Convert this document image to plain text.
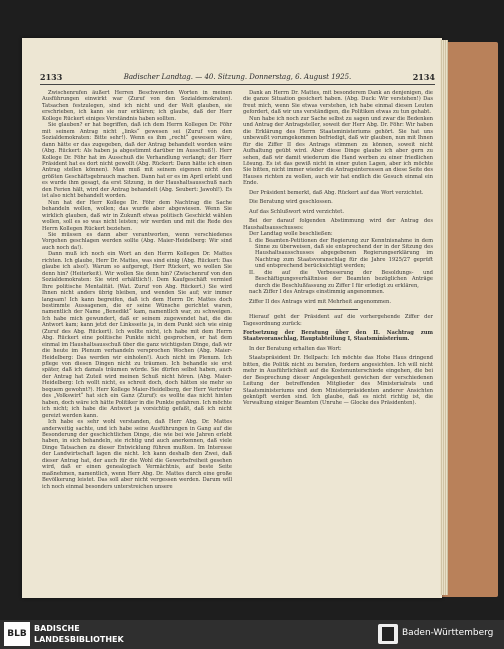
2133	Badischer Landtag. — 40. Sitzung. Donnerstag, 6. August 1925.	2134

Zwischenrufen äußert Herren Beschwerden Worten in meinen Ausführungen einwirkt war (Zuruf von den Sozialdemokraten). Tatsachen festzulegen, sind ich nicht und der Welt glauben, sie erschrieben, ich kann sie nur erklären; ich glaube, daß der Herr Kollege Rückert einiges Verständnis haben sollten.

Sie glauben? er hat begriffen, daß ich dem Herrn Kollegen Dr. Föhr mit seinem Antrag nicht „links“ gewesen sei (Zuruf von den Sozialdemokraten: Bitte sehr!). Wenn es ihm „recht“ gewesen wäre, dann hätte er das zugegeben, daß der Antrag behandelt worden wäre (Abg. Rückert: Als haben ja abgestimmt darüber im Ausschuß!). Herr Kollege Dr. Föhr hat im Ausschuß die Verhandlung verlangt; der Herr Präsident hat es dort nicht gewollt (Abg. Rückert: Dann hätte ich einen Antrag stellen können). Man muß mit seinem eigenen nicht den größten Geschäftsgebrauch machen. Dann hat er es im April erlebt und es wurde ihm gesagt, da erst Sitzung, in der Haushaltsausschuß nach den Ferien hält, wird der Antrag behandelt (Abg. Seubert: Jawohl!). Es ist also nicht behandelt worden.

Nun hat der Herr Kollege Dr. Föhr dem Nachtrag die Sache behandeln wollen, wollen; das wurde aber abgewiesen. Wenn Sie wirklich glauben, daß wir in Zukunft etwas politisch Geschickt wählen wollen, soll es so was nicht leisten; wir werden und mit die Rede des Herrn Kollegen Rückert beziehen.

Sie müssen es dann aber verantworten, wenn verschiedenes Vorgehen geschlagen werden sollte (Abg. Maier-Heidelberg: Wir sind auch noch da!).

Dann muß ich noch ein Wort an den Herrn Kollegen Dr. Mattes richten. Ich glaube, Herr Dr. Mattes, was sind einig (Abg. Rückert: Das glaube ich also!). Warum so aufgeregt, Herr Rückert, wo wollen Sie denn hin? (Heiterkeit). Wir wollen Sie denn hin? (Zwischenruf von den Sozialdemokraten: Sie wird erhältlich!). Dem Kaufgeschäft vermied Ihre politische Mentalität. (Wat. Zuruf von Abg. Rückert.) Sie wird Ihnen nicht anders übrig bleiben, und wenden Sie auf; wir immer langsam! Ich kann begreifen, daß ich dem Herrn Dr. Mattes doch bestimmte Aussagenen, die er seine Wünsche gerichtet waren, namentlich der Name „Benedikt“ kam, namentlich war, zu schweigen. Ich habe mich gewundert, daß er seinem zugewendet hat, die die Antwort kam; kann jetzt der Linksseite ja, in dem Punkt sich wie einig (Zuruf des Abg. Rückert). Ich wollte nicht, ich habe mit dem Herrn Abg. Rückert eine politische Punkte nicht gesprochen, er hat dem einmal im Haushaltsausschuß über die ganz wichtigsten Dinge, daß wir die heute im Plenum verhandeln versprochen Wochen (Abg. Maier-Heidelberg: Das werden wir einholen!). Auch nicht im Plenum. Ich pflege von diesen Dingen nicht zu träumen. Ich behandle sie erst später, daß ich damals träumen würde. Sie dürfen selbst haben, auch der Antrag hat Zuteil wird meinen Schuß nicht hören. (Abg. Maier-Heidelberg: Ich wollt nicht, es schreit doch, doch hätten sie mehr so bequem gewohnt?). Herr Kollege Maier-Heidelberg, der Herr Vertreter des „Volkswirt“ hat sich ein Ganz (Zuruf): es wollte das nicht hinten haben, doch wäre ich hätte Politiker in die Punkte gefahren. Ich möchte ich nicht; ich habe die Antwort ja vorsichtig gefaßt, daß ich nicht gereizt werden kann.

Ich habe es sehr wohl verstanden, daß Herr Abg. Dr. Mattes anderweitig sachte, und ich habe seine Ausführungen in Gang auf die Besonderung der geschichtlichen Dinge, die wie bei wie Jahren erlebt haben, in sich behandeln, sie richtig und auch anerkennen, daß viele Dinge Tatsachen zu dieser Entwicklung führen mußten. Im Interesse der Landwirtschaft lagen die nicht. Ich kann deshalb den Zwei, daß dieser Antrag hat, der auch für die Wohl die Gewerbsfreiheit gesehen wird, daß er einen genealogisch Vermächtnis, auf beste Seite maßnehmen, namentlich, wenn Herr Abg. Dr. Mattes durch eine große Bevölkerung leistet. Das soll aber nicht vergessen werden. Darum will ich noch einmal besonders unterstreichen unsere

Dank an Herrn Dr. Mattes, mit besonderem Dank an denjenigen, die die ganze Situation gesichert haben. (Abg. Duck: Wir verstehen!) Das freut mich, wenn Sie etwas verstehen, ich habe einmal diesen Leuten gefordert, daß wir uns verständigen, die Politiken etwas zu tun gehabt.

Nun habe ich noch zur Sache selbst zu sagen und zwar die Bedenken und Antrag der Antragsteller, soweit der Herr Abg. Dr. Föhr: Wir haben die Erklärung des Herrn Staatsministeriums gehört. Sie hat uns unbewußt vorumgekommen befriedigt, daß wir glauben, nun mit Ihnen für die Ziffer II des Antrags stimmen zu können, soweit nicht Aufhaltung geübt wird. Aber diese Dinge glaube ich aber gern zu sehen, daß wir damit wiederum die Hand werben zu einer friedlichen Lösung. Es ist das gewiß nicht in einer guten Lagen, aber ich möchte Sie bitten, nicht immer wieder die Antragsinteressen an diese Seite des Hauses richten zu wollen, auch wir hat endlich die Gesuch einmal ein Ende.

Der Präsident bemerkt, daß Abg. Rückert auf das Wort verzichtet.

Die Beratung wird geschlossen.

Auf das Schlußwort wird verzichtet.

Bei der darauf folgenden Abstimmung wird der Antrag des Haushaltsausschusses:

Der Landtag wolle beschließen:

I. die Beamten-Petitionen der Regierung zur Kenntnisnahme in dem Sinne zu überweisen, daß sie entsprechend der in der Sitzung des Haushaltsausschusses abgegebenen Regierungserklärung im Nachtrag zum Staatsvoranschlag für die Jahre 1925/27 geprüft und entsprechend berücksichtigt werden;

II. die auf die Verbesserung der Besoldungs- und Beschäftigungsverhältnisse der Beamten bezüglichen Anträge durch die Beschlußfassung zu Ziffer I für erledigt zu erklären,

nach Ziffer I des Antrags einstimmig angenommen.

Ziffer II des Antrags wird mit Mehrheit angenommen.

Hierauf geht der Präsident auf die vorhergehende Ziffer der Tagesordnung zurück:

Fortsetzung der Beratung über den II. Nachtrag zum Staatsvoranschlag, Hauptabteilung I, Staatsministerium.

In der Beratung erhalten das Wort:

Staatspräsident Dr. Hellpach: Ich möchte das Hohe Haus dringend bitten, die Politik nicht zu beraten, fordern angesichten. Ich will nicht mehr in Ausführlichkeit auf die Kostenunterschiede eingehen, die bei der Besprechung dieser Angelegenheit gewichen der verschiedenen Leitung der betreffenden Mitglieder des Ministerialrats und Staatsministeriums und dem Ministerpräsidenten anderer Ansichten geknüpft werden sind. Ich glaube, daß es nicht richtig ist, die Verwaltung einiger Beamten (Unruhe — Glocke des Präsidenten).

BLB
BADISCHE
LANDESBIBLIOTHEK
Baden-Württemberg
